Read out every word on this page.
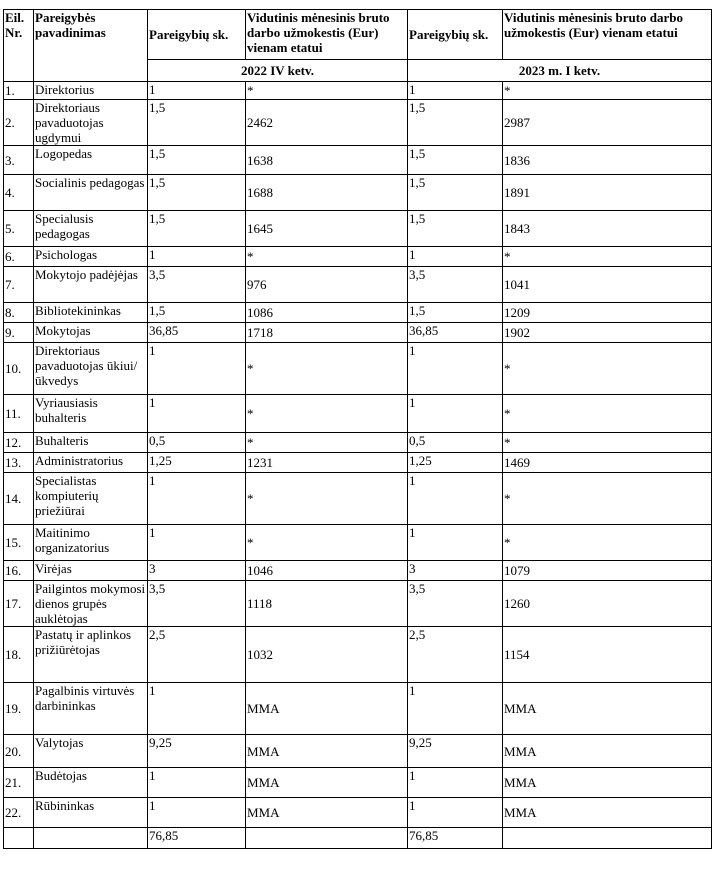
Eil. Nr.	Pareigybės pavadinimas	Pareigybių sk.	Vidutinis mėnesinis bruto darbo užmokestis (Eur) vienam etatui	Pareigybių sk.	Vidutinis mėnesinis bruto darbo užmokestis (Eur) vienam etatui
		2022 IV ketv.		2023 m. I ketv.	
1.	Direktorius	1	*	1	*
2.	Direktoriaus pavaduotojas ugdymui	1,5	2462	1,5	2987
3.	Logopedas	1,5	1638	1,5	1836
4.	Socialinis pedagogas	1,5	1688	1,5	1891
5.	Specialusis pedagogas	1,5	1645	1,5	1843
6.	Psichologas	1	*	1	*
7.	Mokytojo padėjėjas	3,5	976	3,5	1041
8.	Bibliotekininkas	1,5	1086	1,5	1209
9.	Mokytojas	36,85	1718	36,85	1902
10.	Direktoriaus pavaduotojas ūkiui/ūkvedys	1	*	1	*
11.	Vyriausiasis buhalteris	1	*	1	*
12.	Buhalteris	0,5	*	0,5	*
13.	Administratorius	1,25	1231	1,25	1469
14.	Specialistas kompiuterių priežiūrai	1	*	1	*
15.	Maitinimo organizatorius	1	*	1	*
16.	Virėjas	3	1046	3	1079
17.	Pailgintos mokymosi dienos grupės auklėtojas	3,5	1118	3,5	1260
18.	Pastatų ir aplinkos prižiūrėtojas	2,5	1032	2,5	1154
19.	Pagalbinis virtuvės darbininkas	1	MMA	1	MMA
20.	Valytojas	9,25	MMA	9,25	MMA
21.	Budėtojas	1	MMA	1	MMA
22.	Rūbininkas	1	MMA	1	MMA
		76,85		76,85	
